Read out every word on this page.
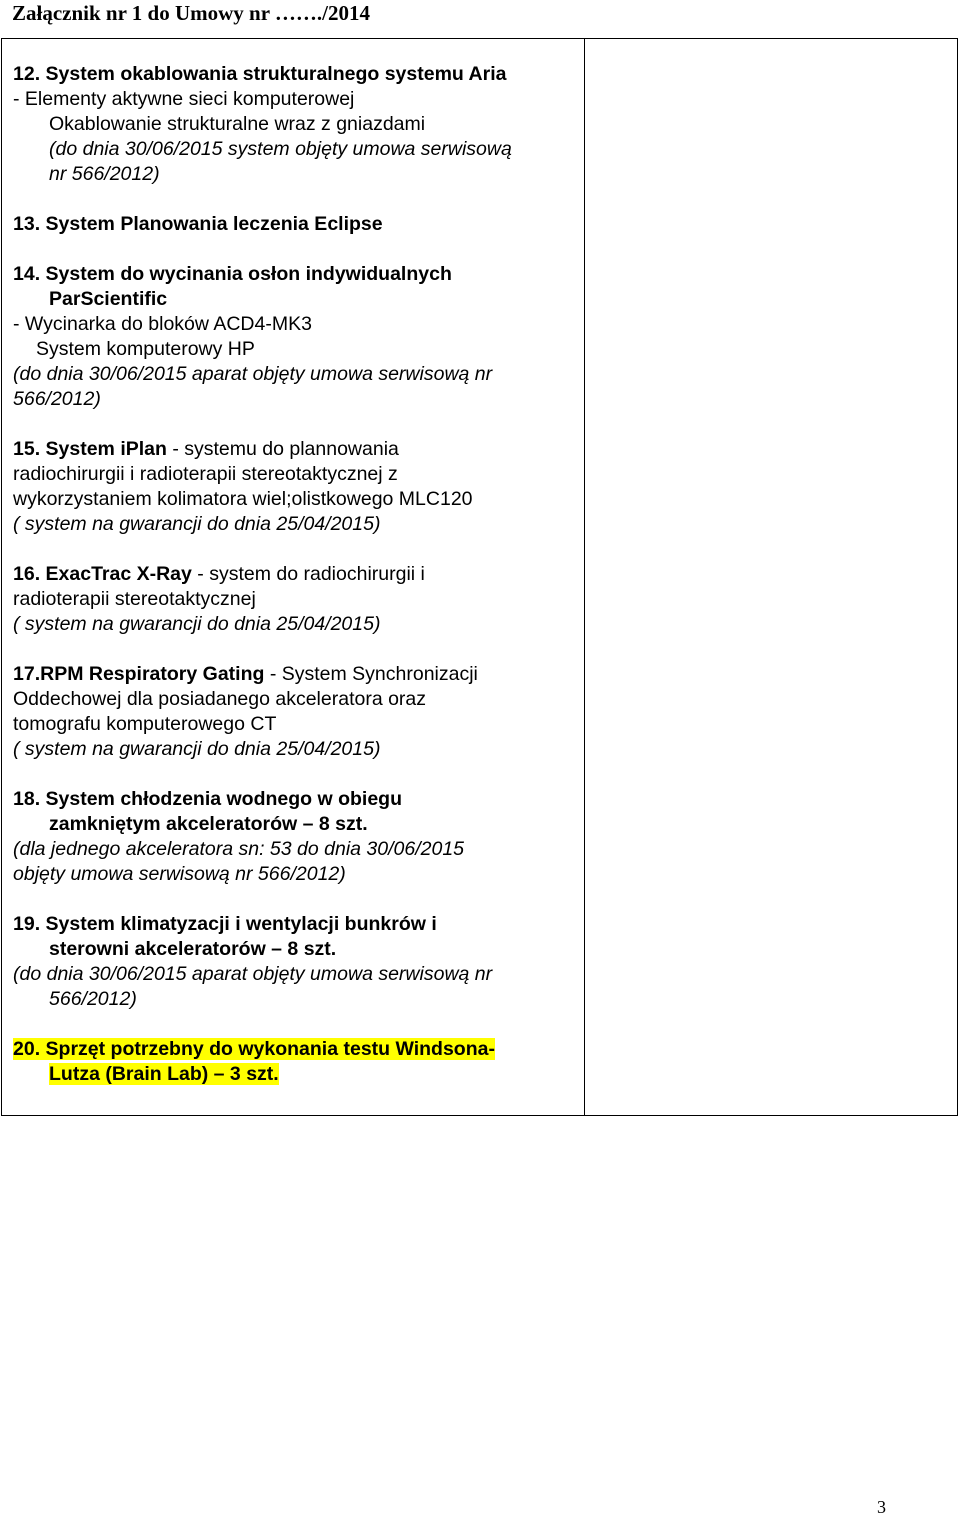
Załącznik nr 1 do Umowy nr ……./2014
12. System okablowania strukturalnego systemu Aria
- Elementy aktywne sieci komputerowej
Okablowanie strukturalne wraz z gniazdami
(do dnia 30/06/2015 system objęty umowa serwisową
nr 566/2012)
13. System Planowania leczenia Eclipse
14. System do wycinania osłon indywidualnych
ParScientific
- Wycinarka do bloków ACD4-MK3
System komputerowy HP
(do dnia 30/06/2015 aparat objęty umowa serwisową nr
566/2012)
15. System iPlan - systemu do plannowania
radiochirurgii i radioterapii stereotaktycznej z
wykorzystaniem kolimatora wiel;olistkowego MLC120
( system na gwarancji do dnia 25/04/2015)
16. ExacTrac X-Ray - system do radiochirurgii i
radioterapii stereotaktycznej
( system na gwarancji do dnia 25/04/2015)
17.RPM Respiratory Gating - System Synchronizacji
Oddechowej dla posiadanego akceleratora oraz
tomografu komputerowego CT
( system na gwarancji do dnia 25/04/2015)
18. System chłodzenia wodnego w obiegu
zamkniętym akceleratorów – 8 szt.
(dla jednego akceleratora sn: 53 do dnia 30/06/2015
objęty umowa serwisową nr 566/2012)
19. System klimatyzacji i wentylacji bunkrów i
sterowni akceleratorów – 8 szt.
(do dnia 30/06/2015 aparat objęty umowa serwisową nr
566/2012)
20. Sprzęt potrzebny do wykonania testu Windsona-
Lutza (Brain Lab) – 3 szt.
3
